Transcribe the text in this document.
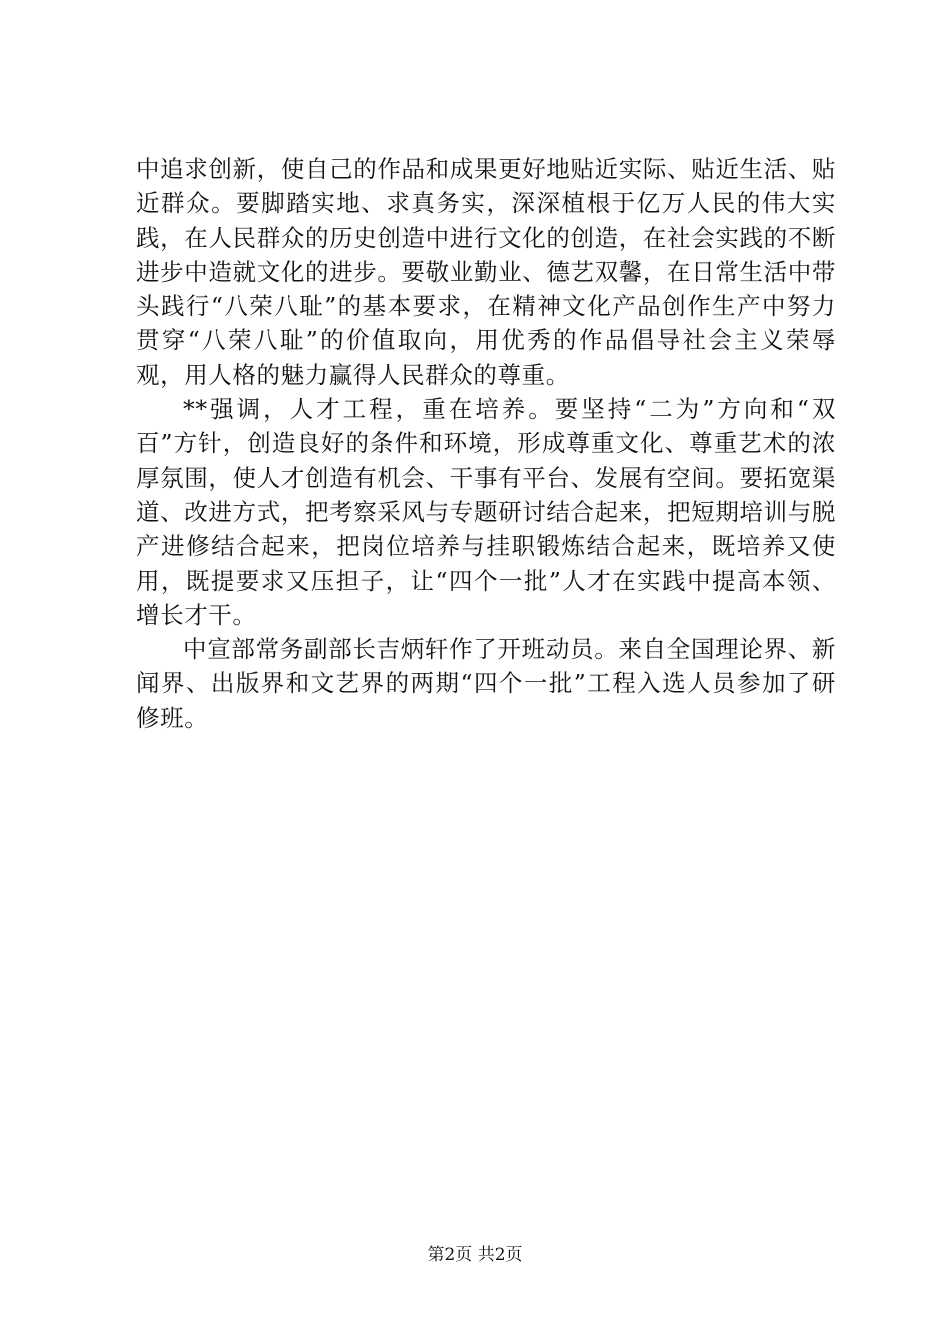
中追求创新，使自己的作品和成果更好地贴近实际、贴近生活、贴近群众。要脚踏实地、求真务实，深深植根于亿万人民的伟大实践，在人民群众的历史创造中进行文化的创造，在社会实践的不断进步中造就文化的进步。要敬业勤业、德艺双馨，在日常生活中带头践行“八荣八耻”的基本要求，在精神文化产品创作生产中努力贯穿“八荣八耻”的价值取向，用优秀的作品倡导社会主义荣辱观，用人格的魅力赢得人民群众的尊重。

**强调，人才工程，重在培养。要坚持“二为”方向和“双百”方针，创造良好的条件和环境，形成尊重文化、尊重艺术的浓厚氛围，使人才创造有机会、干事有平台、发展有空间。要拓宽渠道、改进方式，把考察采风与专题研讨结合起来，把短期培训与脱产进修结合起来，把岗位培养与挂职锻炼结合起来，既培养又使用，既提要求又压担子，让“四个一批”人才在实践中提高本领、增长才干。

中宣部常务副部长吉炳轩作了开班动员。来自全国理论界、新闻界、出版界和文艺界的两期“四个一批”工程入选人员参加了研修班。

第2页 共2页
